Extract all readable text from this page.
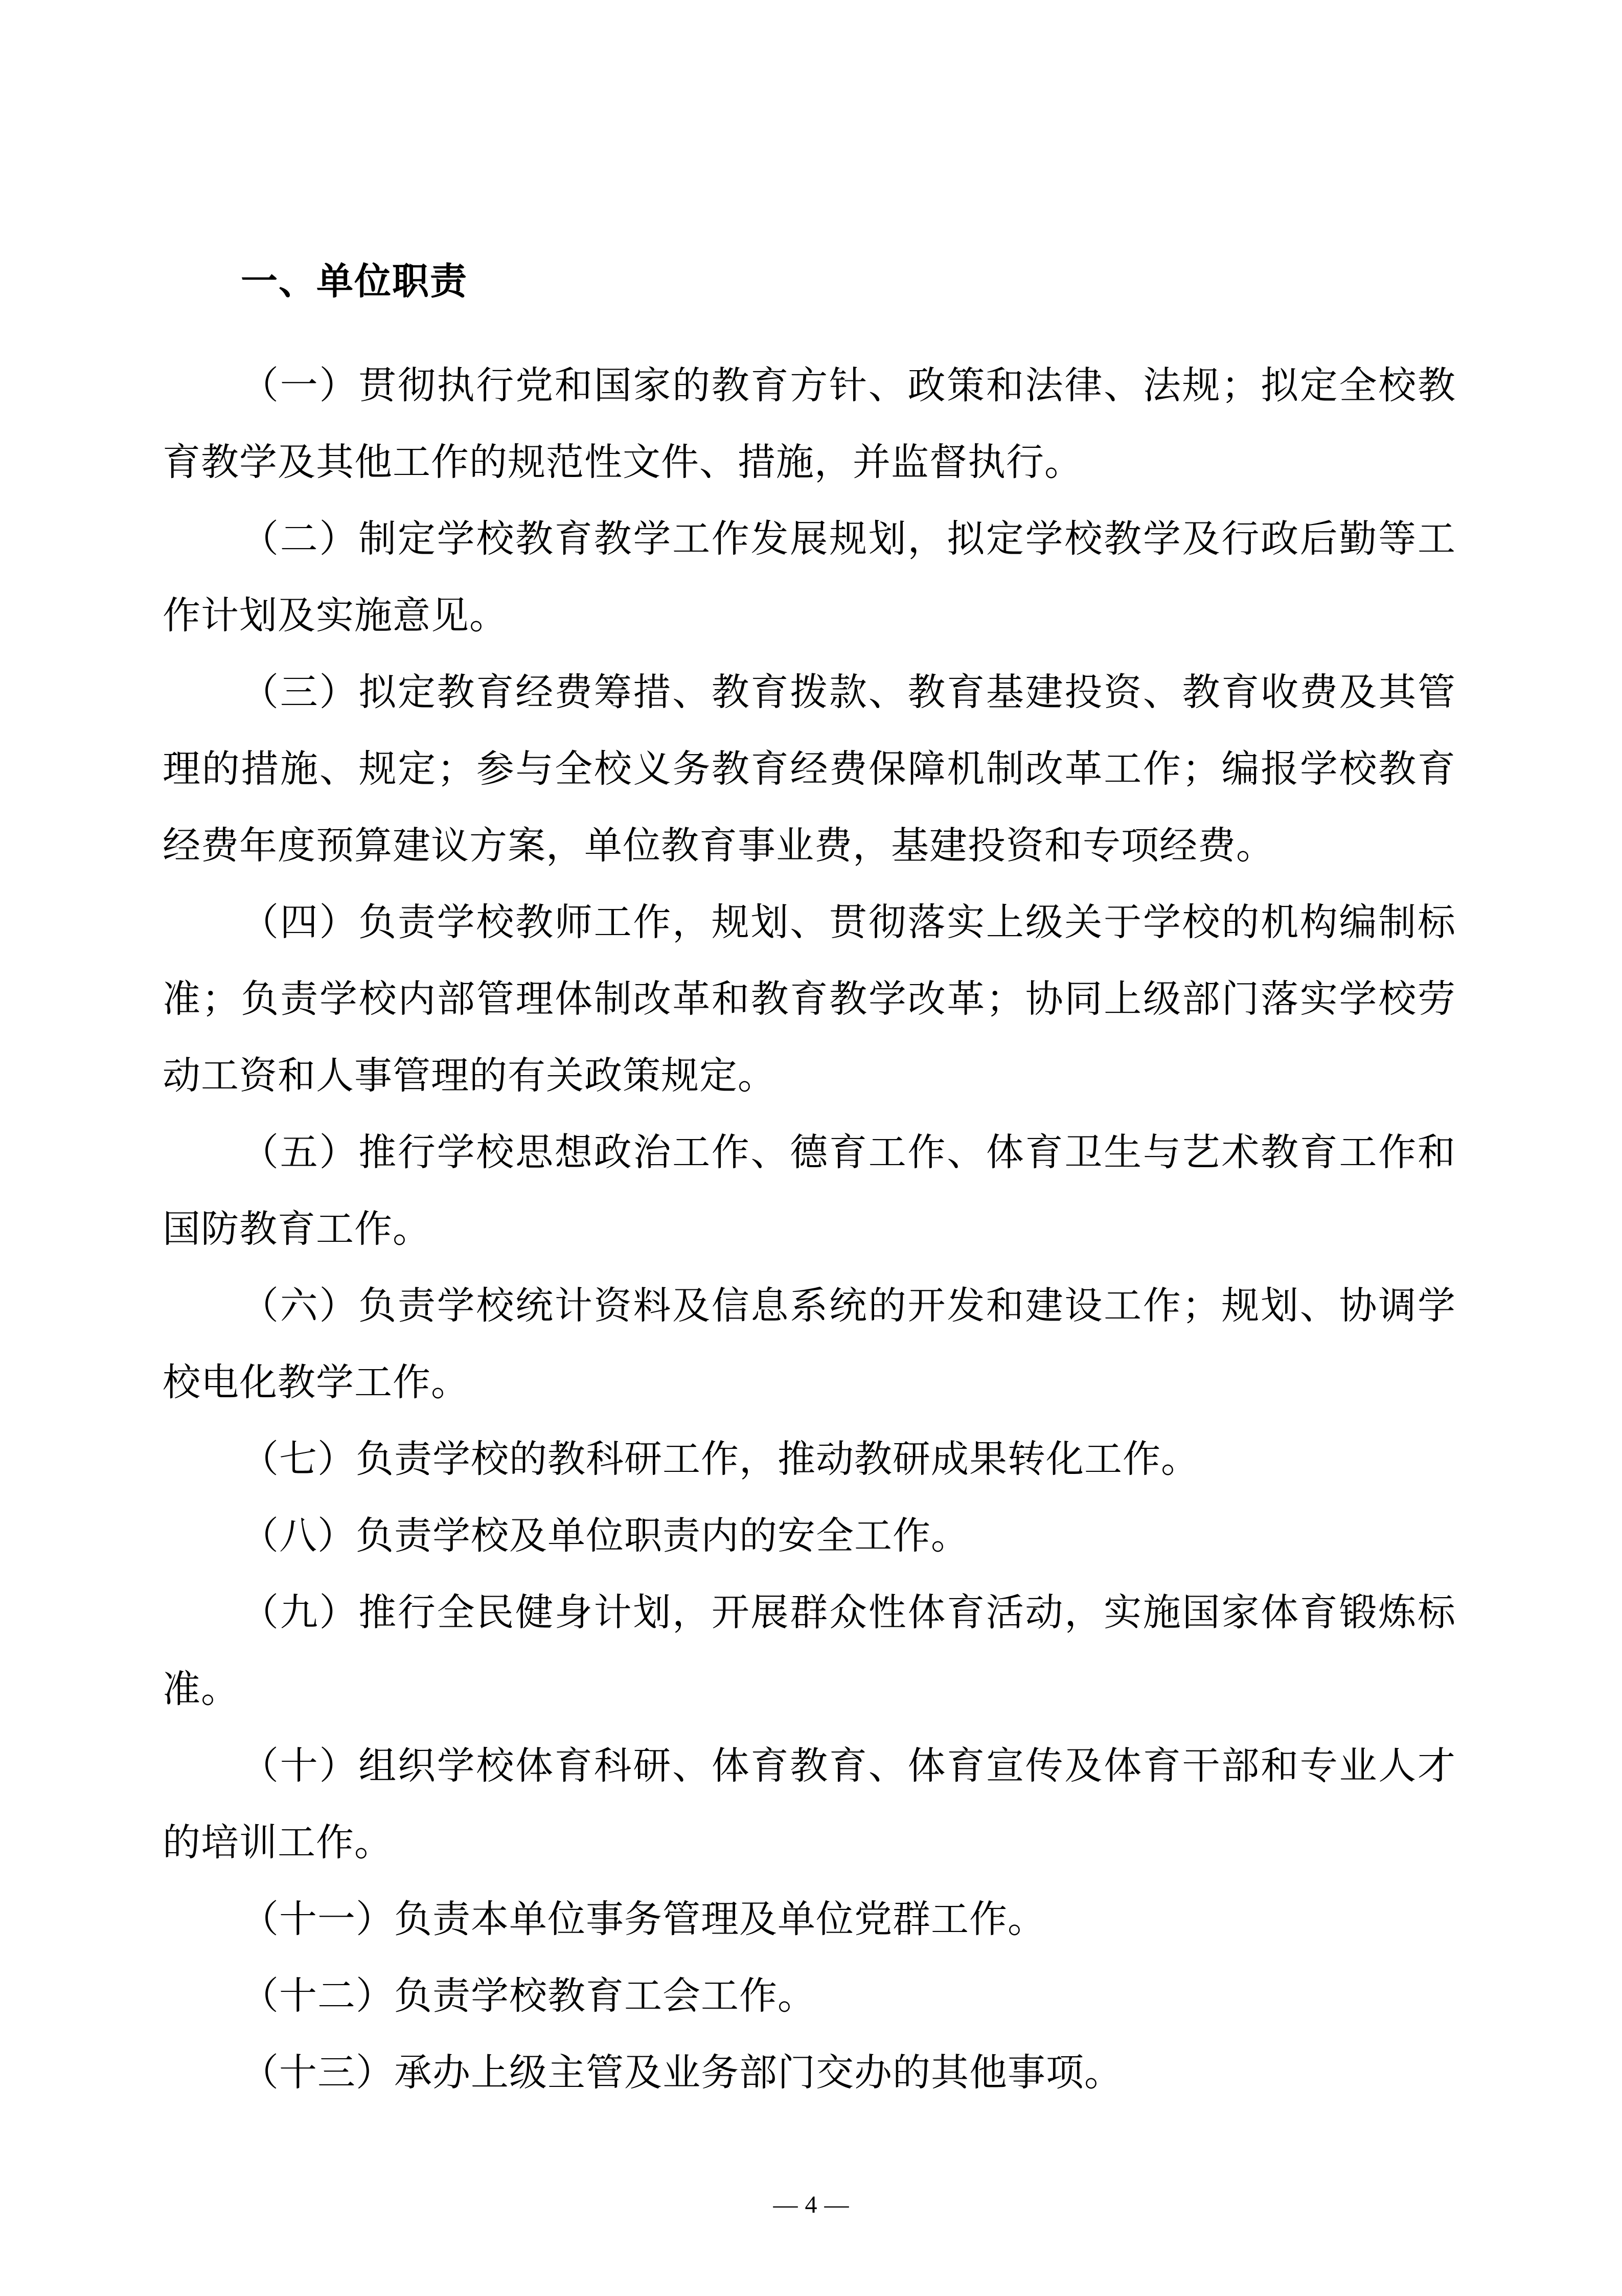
一、单位职责
（一）贯彻执行党和国家的教育方针、政策和法律、法规；拟定全校教
育教学及其他工作的规范性文件、措施，并监督执行。
（二）制定学校教育教学工作发展规划，拟定学校教学及行政后勤等工
作计划及实施意见。
（三）拟定教育经费筹措、教育拨款、教育基建投资、教育收费及其管
理的措施、规定；参与全校义务教育经费保障机制改革工作；编报学校教育
经费年度预算建议方案，单位教育事业费，基建投资和专项经费。
（四）负责学校教师工作，规划、贯彻落实上级关于学校的机构编制标
准；负责学校内部管理体制改革和教育教学改革；协同上级部门落实学校劳
动工资和人事管理的有关政策规定。
（五）推行学校思想政治工作、德育工作、体育卫生与艺术教育工作和
国防教育工作。
（六）负责学校统计资料及信息系统的开发和建设工作；规划、协调学
校电化教学工作。
（七）负责学校的教科研工作，推动教研成果转化工作。
（八）负责学校及单位职责内的安全工作。
（九）推行全民健身计划，开展群众性体育活动，实施国家体育锻炼标
准。
（十）组织学校体育科研、体育教育、体育宣传及体育干部和专业人才
的培训工作。
（十一）负责本单位事务管理及单位党群工作。
（十二）负责学校教育工会工作。
（十三）承办上级主管及业务部门交办的其他事项。
— 4 —
